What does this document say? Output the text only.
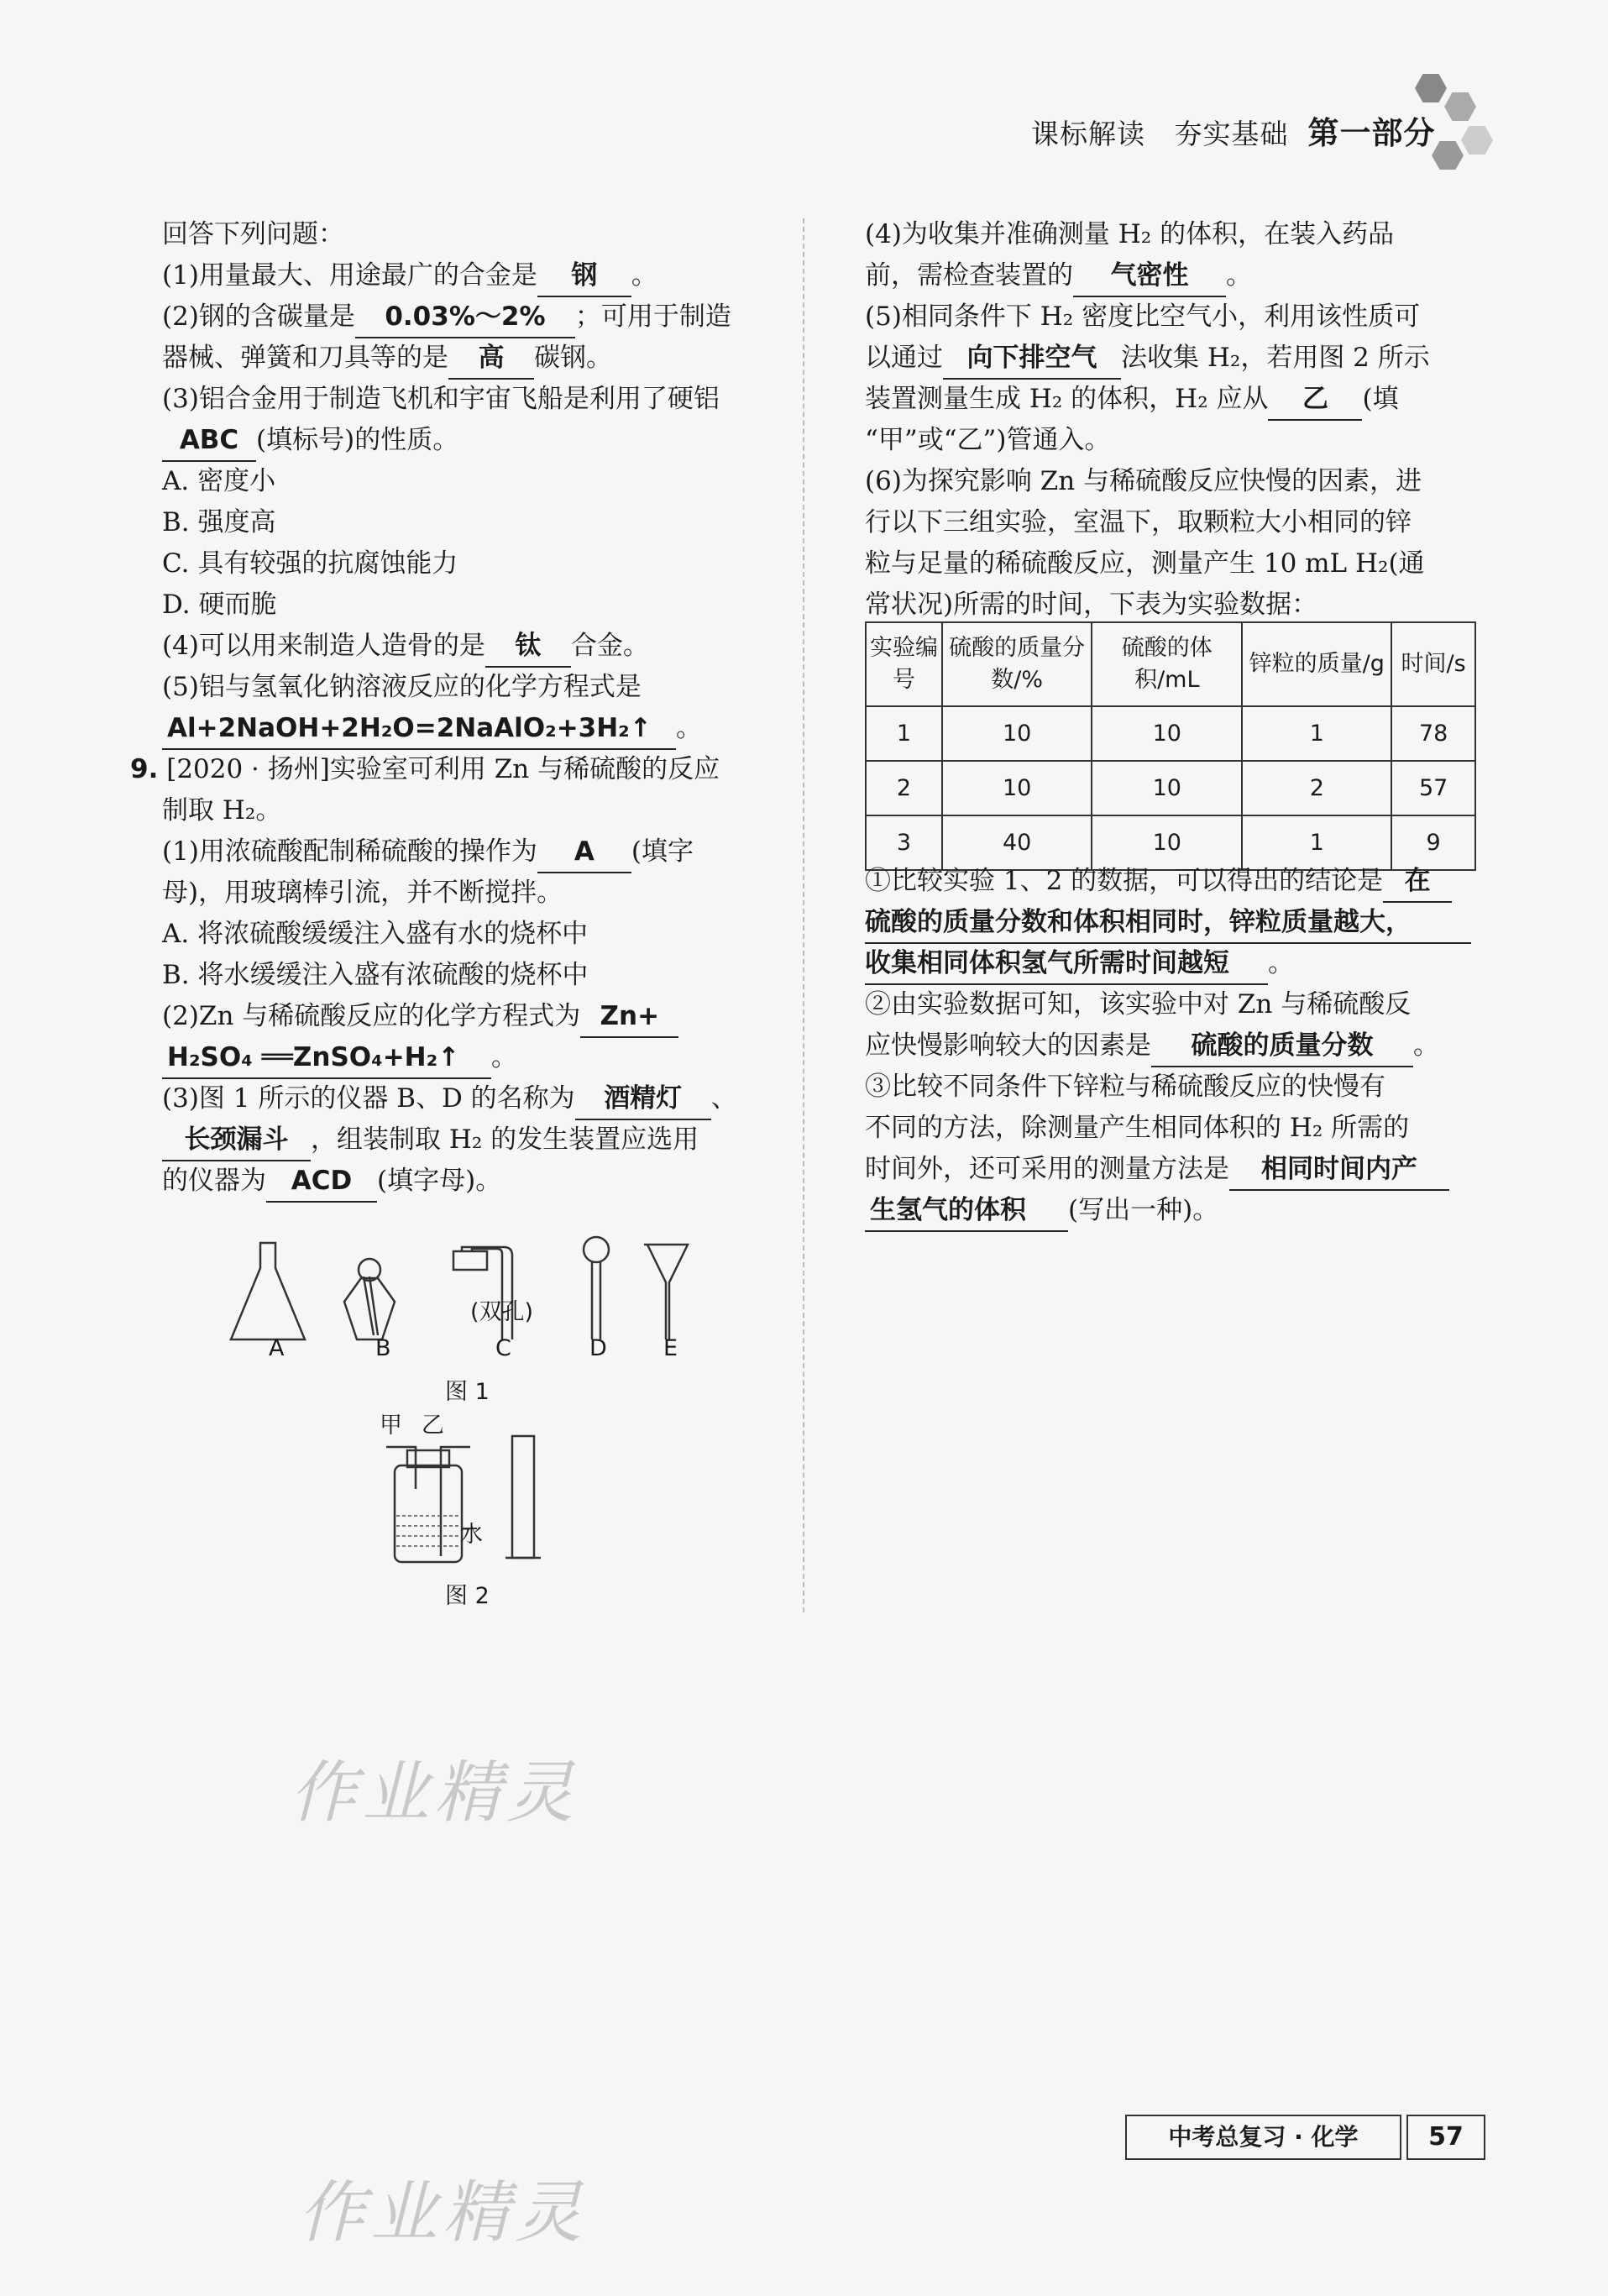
课标解读 夯实基础 第一部分
回答下列问题：
(1)用量最大、用途最广的合金是 钢 。
(2)钢的含碳量是 0.03%～2% ；可用于制造
器械、弹簧和刀具等的是 高 碳钢。
(3)铝合金用于制造飞机和宇宙飞船是利用了硬铝
ABC (填标号)的性质。
A. 密度小
B. 强度高
C. 具有较强的抗腐蚀能力
D. 硬而脆
(4)可以用来制造人造骨的是 钛 合金。
(5)铝与氢氧化钠溶液反应的化学方程式是
Al+2NaOH+2H₂O=2NaAlO₂+3H₂↑ 。
9. [2020 · 扬州]实验室可利用 Zn 与稀硫酸的反应
制取 H₂。
(1)用浓硫酸配制稀硫酸的操作为 A (填字
母)，用玻璃棒引流，并不断搅拌。
A. 将浓硫酸缓缓注入盛有水的烧杯中
B. 将水缓缓注入盛有浓硫酸的烧杯中
(2)Zn 与稀硫酸反应的化学方程式为 Zn+
H₂SO₄ ══ZnSO₄+H₂↑ 。
(3)图 1 所示的仪器 B、D 的名称为 酒精灯 、
长颈漏斗 ，组装制取 H₂ 的发生装置应选用
的仪器为 ACD (填字母)。
(双孔)
A	B	C	D E
图 1
甲 乙
水
图 2
(4)为收集并准确测量 H₂ 的体积，在装入药品
前，需检查装置的 气密性 。
(5)相同条件下 H₂ 密度比空气小，利用该性质可
以通过 向下排空气 法收集 H₂，若用图 2 所示
装置测量生成 H₂ 的体积，H₂ 应从 乙 (填
“甲”或“乙”)管通入。
(6)为探究影响 Zn 与稀硫酸反应快慢的因素，进
行以下三组实验，室温下，取颗粒大小相同的锌
粒与足量的稀硫酸反应，测量产生 10 mL H₂(通
常状况)所需的时间，下表为实验数据：
实验编号	硫酸的质量分数/%	硫酸的体积/mL	锌粒的质量/g	时间/s
1	10	10	1	78
2	10	10	2	57
3	40	10	1	9
①比较实验 1、2 的数据，可以得出的结论是 在
硫酸的质量分数和体积相同时，锌粒质量越大，
收集相同体积氢气所需时间越短 。
②由实验数据可知，该实验中对 Zn 与稀硫酸反
应快慢影响较大的因素是 硫酸的质量分数 。
③比较不同条件下锌粒与稀硫酸反应的快慢有
不同的方法，除测量产生相同体积的 H₂ 所需的
时间外，还可采用的测量方法是 相同时间内产
生氢气的体积 (写出一种)。
作业精灵
作业精灵
中考总复习 · 化学	57
